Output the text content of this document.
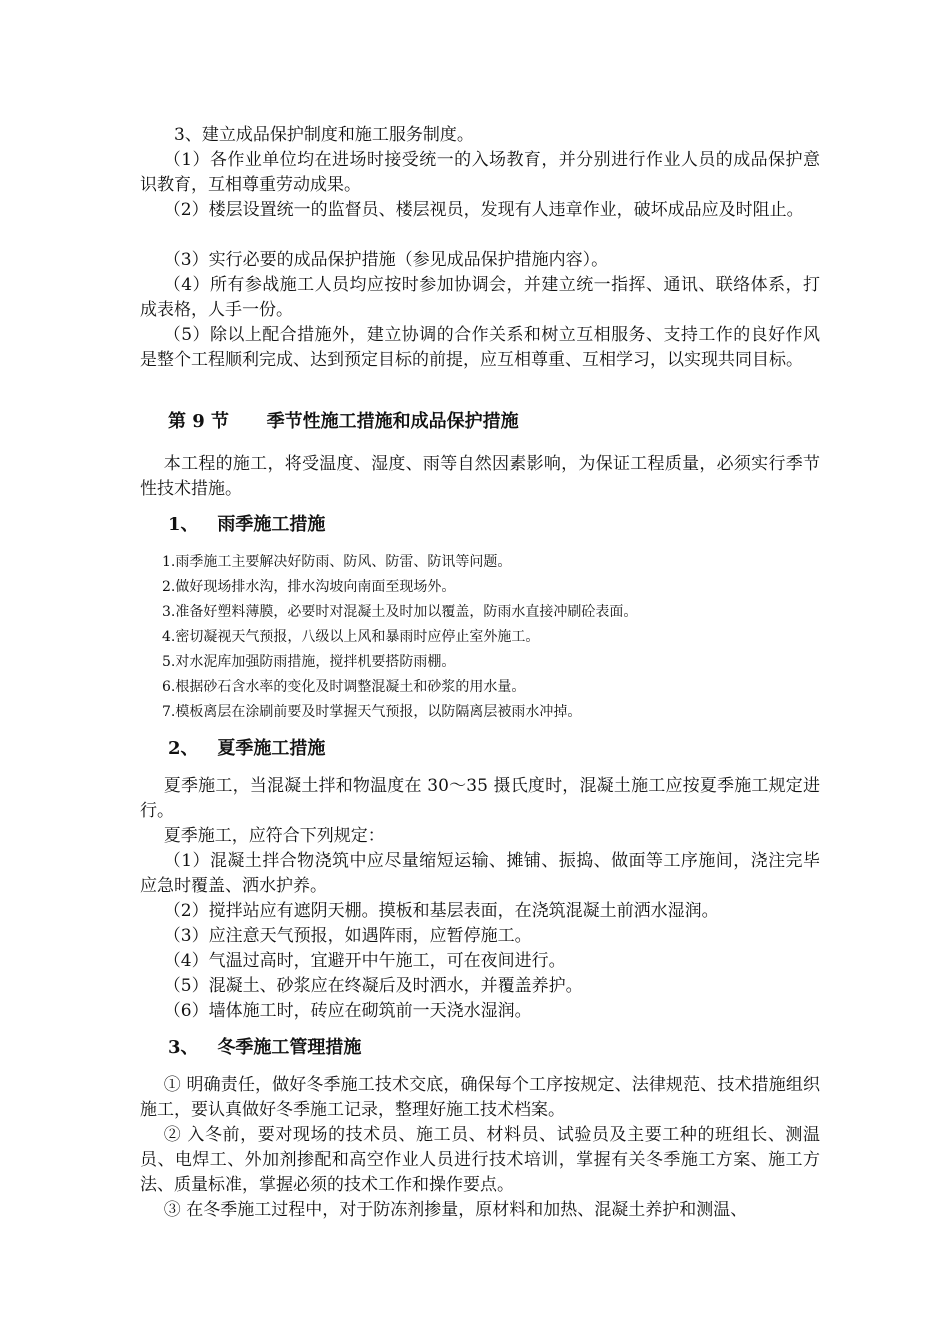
3、建立成品保护制度和施工服务制度。

（1）各作业单位均在进场时接受统一的入场教育，并分别进行作业人员的成品保护意识教育，互相尊重劳动成果。

（2）楼层设置统一的监督员、楼层视员，发现有人违章作业，破坏成品应及时阻止。

（3）实行必要的成品保护措施（参见成品保护措施内容）。

（4）所有参战施工人员均应按时参加协调会，并建立统一指挥、通讯、联络体系，打成表格，人手一份。

（5）除以上配合措施外，建立协调的合作关系和树立互相服务、支持工作的良好作风是整个工程顺利完成、达到预定目标的前提，应互相尊重、互相学习，以实现共同目标。

第 9 节      季节性施工措施和成品保护措施

本工程的施工，将受温度、湿度、雨等自然因素影响，为保证工程质量，必须实行季节性技术措施。

1、   雨季施工措施

1.雨季施工主要解决好防雨、防风、防雷、防讯等问题。

2.做好现场排水沟，排水沟坡向南面至现场外。

3.准备好塑料薄膜，必要时对混凝土及时加以覆盖，防雨水直接冲刷砼表面。

4.密切凝视天气预报，八级以上风和暴雨时应停止室外施工。

5.对水泥库加强防雨措施，搅拌机要搭防雨棚。

6.根据砂石含水率的变化及时调整混凝土和砂浆的用水量。

7.模板离层在涂刷前要及时掌握天气预报，以防隔离层被雨水冲掉。

2、   夏季施工措施

夏季施工，当混凝土拌和物温度在 30～35 摄氏度时，混凝土施工应按夏季施工规定进行。

夏季施工，应符合下列规定：

（1）混凝土拌合物浇筑中应尽量缩短运输、摊铺、振捣、做面等工序施间，浇注完毕应急时覆盖、洒水护养。

（2）搅拌站应有遮阴天棚。摸板和基层表面，在浇筑混凝土前洒水湿润。

（3）应注意天气预报，如遇阵雨，应暂停施工。

（4）气温过高时，宜避开中午施工，可在夜间进行。

（5）混凝土、砂浆应在终凝后及时洒水，并覆盖养护。

（6）墙体施工时，砖应在砌筑前一天浇水湿润。

3、   冬季施工管理措施

① 明确责任，做好冬季施工技术交底，确保每个工序按规定、法律规范、技术措施组织施工，要认真做好冬季施工记录，整理好施工技术档案。

② 入冬前，要对现场的技术员、施工员、材料员、试验员及主要工种的班组长、测温员、电焊工、外加剂掺配和高空作业人员进行技术培训，掌握有关冬季施工方案、施工方法、质量标准，掌握必须的技术工作和操作要点。

③ 在冬季施工过程中，对于防冻剂掺量，原材料和加热、混凝土养护和测温、
